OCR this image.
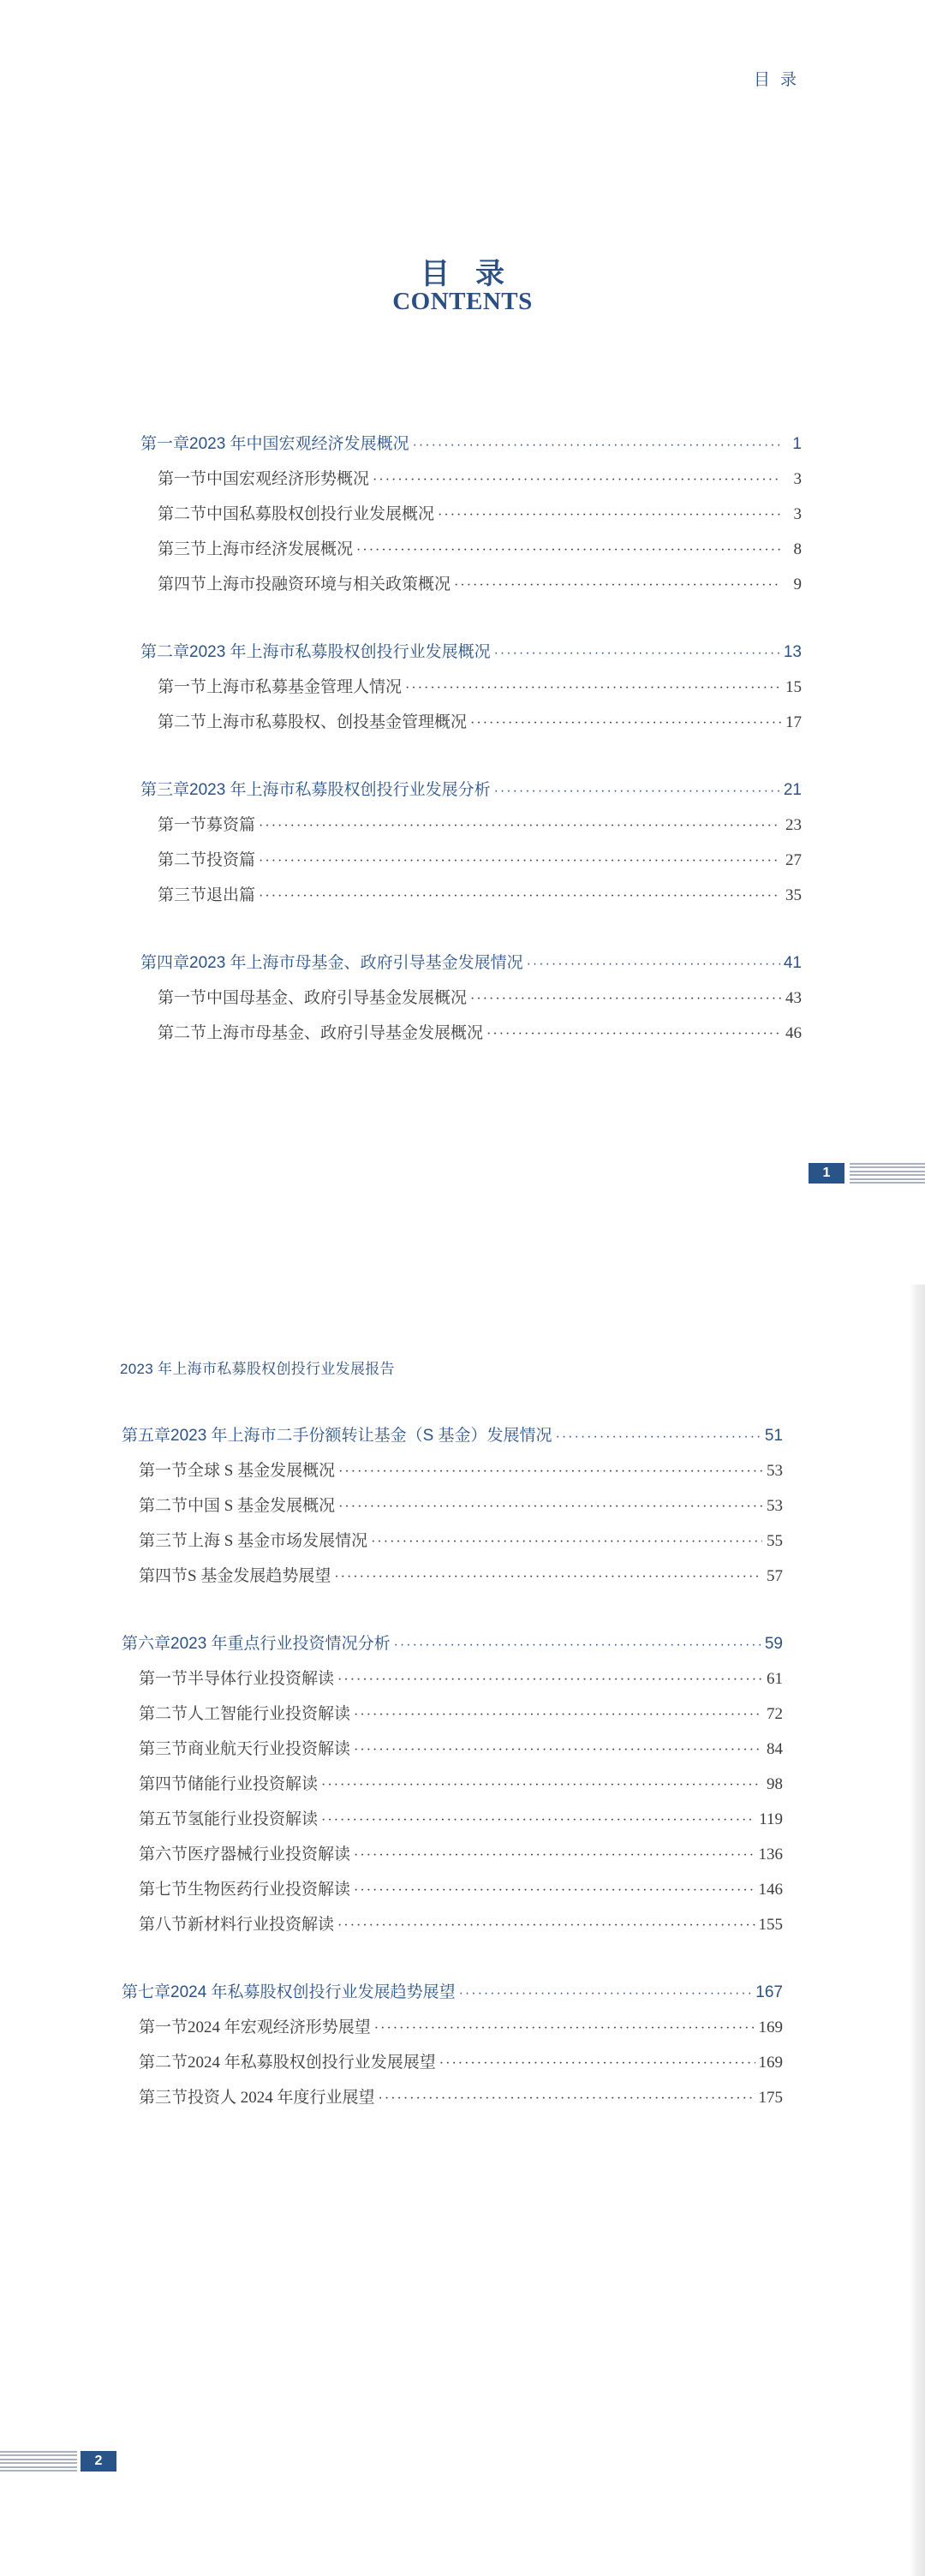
目录
目录
CONTENTS
第一章 2023 年中国宏观经济发展概况 ·····	1
第一节 中国宏观经济形势概况 ·····	3
第二节 中国私募股权创投行业发展概况 ·····	3
第三节 上海市经济发展概况 ·····	8
第四节 上海市投融资环境与相关政策概况 ·····	9
第二章 2023 年上海市私募股权创投行业发展概况 ·····	13
第一节 上海市私募基金管理人情况 ·····	15
第二节 上海市私募股权、创投基金管理概况 ·····	17
第三章 2023 年上海市私募股权创投行业发展分析 ·····	21
第一节 募资篇 ·····	23
第二节 投资篇 ·····	27
第三节 退出篇 ·····	35
第四章 2023 年上海市母基金、政府引导基金发展情况 ·····	41
第一节 中国母基金、政府引导基金发展概况 ·····	43
第二节 上海市母基金、政府引导基金发展概况 ·····	46
1
2023 年上海市私募股权创投行业发展报告
第五章 2023 年上海市二手份额转让基金（S 基金）发展情况 ·····	51
第一节 全球 S 基金发展概况 ·····	53
第二节 中国 S 基金发展概况 ·····	53
第三节 上海 S 基金市场发展情况 ·····	55
第四节 S 基金发展趋势展望 ·····	57
第六章 2023 年重点行业投资情况分析 ·····	59
第一节 半导体行业投资解读 ·····	61
第二节 人工智能行业投资解读 ·····	72
第三节 商业航天行业投资解读 ·····	84
第四节 储能行业投资解读 ·····	98
第五节 氢能行业投资解读 ·····	119
第六节 医疗器械行业投资解读 ·····	136
第七节 生物医药行业投资解读 ·····	146
第八节 新材料行业投资解读 ·····	155
第七章 2024 年私募股权创投行业发展趋势展望 ·····	167
第一节 2024 年宏观经济形势展望 ·····	169
第二节 2024 年私募股权创投行业发展展望 ·····	169
第三节 投资人 2024 年度行业展望 ·····	175
2
